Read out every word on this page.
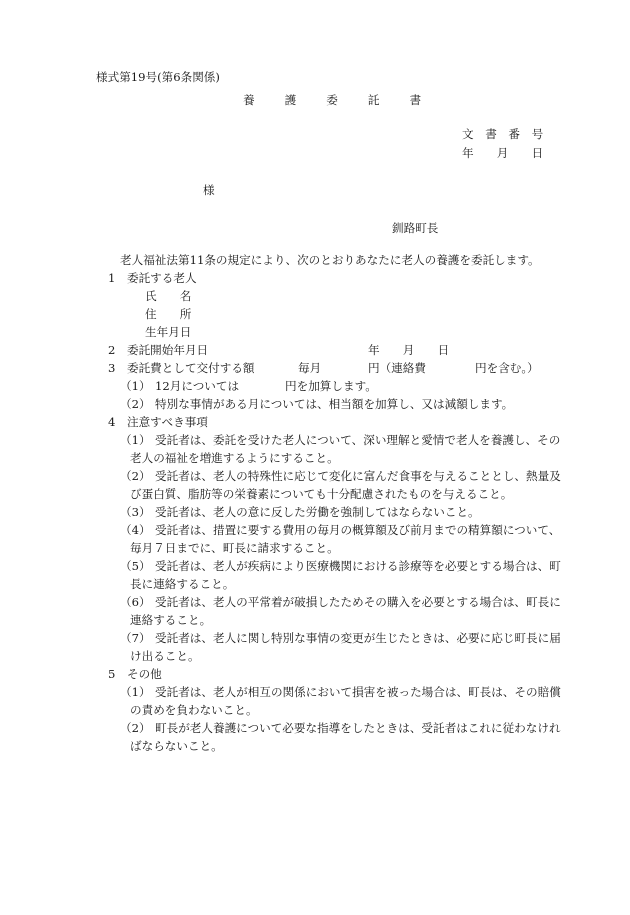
様式第19号(第6条関係)
養	護	委	託	書
文　書　番　号
年　　月　　日
様
釧路町長
老人福祉法第11条の規定により、次のとおりあなたに老人の養護を委託します。
1　委託する老人
氏　　名
住　　所
生年月日
2　委託開始年月日	年　　月　　日
3　委託費として交付する額	毎月	円（連絡費	円を含む。）
（1） 12月については	円を加算します。
（2） 特別な事情がある月については、相当額を加算し、又は減額します。
4　注意すべき事項
（1） 受託者は、委託を受けた老人について、深い理解と愛情で老人を養護し、その
老人の福祉を増進するようにすること。
（2） 受託者は、老人の特殊性に応じて変化に富んだ食事を与えることとし、熱量及
び蛋白質、脂肪等の栄養素についても十分配慮されたものを与えること。
（3） 受託者は、老人の意に反した労働を強制してはならないこと。
（4） 受託者は、措置に要する費用の毎月の概算額及び前月までの精算額について、
毎月７日までに、町長に請求すること。
（5） 受託者は、老人が疾病により医療機関における診療等を必要とする場合は、町
長に連絡すること。
（6） 受託者は、老人の平常着が破損したためその購入を必要とする場合は、町長に
連絡すること。
（7） 受託者は、老人に関し特別な事情の変更が生じたときは、必要に応じ町長に届
け出ること。
5　その他
（1） 受託者は、老人が相互の関係において損害を被った場合は、町長は、その賠償
の責めを負わないこと。
（2） 町長が老人養護について必要な指導をしたときは、受託者はこれに従わなけれ
ばならないこと。
